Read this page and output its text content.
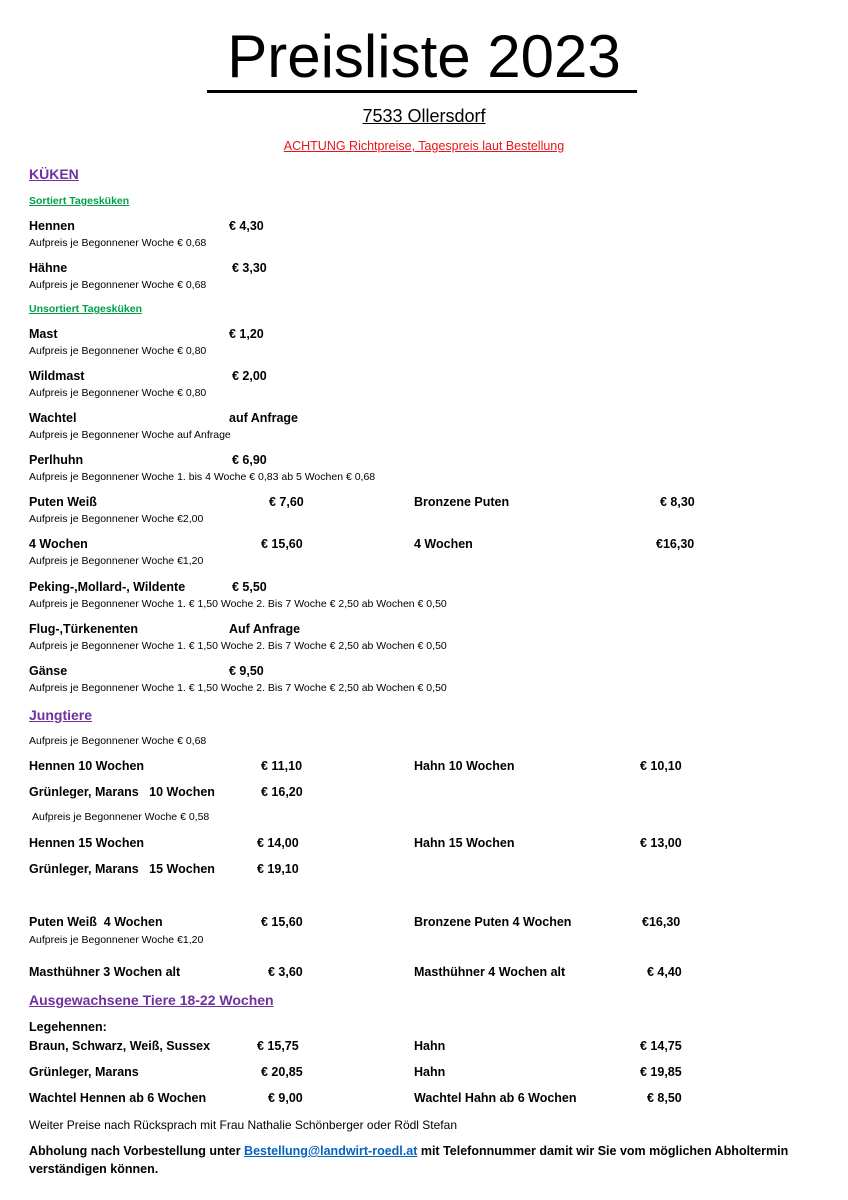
Preisliste 2023
7533 Ollersdorf
ACHTUNG Richtpreise, Tagespreis laut Bestellung
KÜKEN
Sortiert Tagesküken
Hennen	€ 4,30
Aufpreis je Begonnener Woche € 0,68
Hähne	€ 3,30
Aufpreis je Begonnener Woche € 0,68
Unsortiert Tagesküken
Mast	€ 1,20
Aufpreis je Begonnener Woche € 0,80
Wildmast	€ 2,00
Aufpreis je Begonnener Woche € 0,80
Wachtel	auf Anfrage
Aufpreis je Begonnener Woche auf Anfrage
Perlhuhn	€ 6,90
Aufpreis je Begonnener Woche 1. bis 4 Woche € 0,83 ab 5 Wochen € 0,68
Puten Weiß	€ 7,60	Bronzene Puten	€ 8,30
Aufpreis je Begonnener Woche €2,00
4 Wochen	€ 15,60	4 Wochen	€16,30
Aufpreis je Begonnener Woche €1,20
Peking-,Mollard-, Wildente	€ 5,50
Aufpreis je Begonnener Woche 1. € 1,50 Woche 2. Bis 7 Woche € 2,50 ab Wochen € 0,50
Flug-,Türkenenten	Auf Anfrage
Aufpreis je Begonnener Woche 1. € 1,50 Woche 2. Bis 7 Woche € 2,50 ab Wochen € 0,50
Gänse	€ 9,50
Aufpreis je Begonnener Woche 1. € 1,50 Woche 2. Bis 7 Woche € 2,50 ab Wochen € 0,50
Jungtiere
Aufpreis je Begonnener Woche € 0,68
Hennen 10 Wochen	€ 11,10	Hahn 10 Wochen	€ 10,10
Grünleger, Marans   10 Wochen	€ 16,20
Aufpreis je Begonnener Woche € 0,58
Hennen 15 Wochen	€ 14,00	Hahn 15 Wochen	€ 13,00
Grünleger, Marans   15 Wochen	€ 19,10
Puten Weiß  4 Wochen	€ 15,60	Bronzene Puten 4 Wochen	€16,30
Aufpreis je Begonnener Woche €1,20
Masthühner 3 Wochen alt	€ 3,60	Masthühner 4 Wochen alt	€ 4,40
Ausgewachsene Tiere 18-22 Wochen
Legehennen:
Braun, Schwarz, Weiß, Sussex	€ 15,75	Hahn	€ 14,75
Grünleger, Marans	€ 20,85	Hahn	€ 19,85
Wachtel Hennen ab 6 Wochen	€ 9,00	Wachtel Hahn ab 6 Wochen	€ 8,50
Weiter Preise nach Rücksprach mit Frau Nathalie Schönberger oder Rödl Stefan
Abholung nach Vorbestellung unter Bestellung@landwirt-roedl.at mit Telefonnummer damit wir Sie vom möglichen Abholtermin
verständigen können.
